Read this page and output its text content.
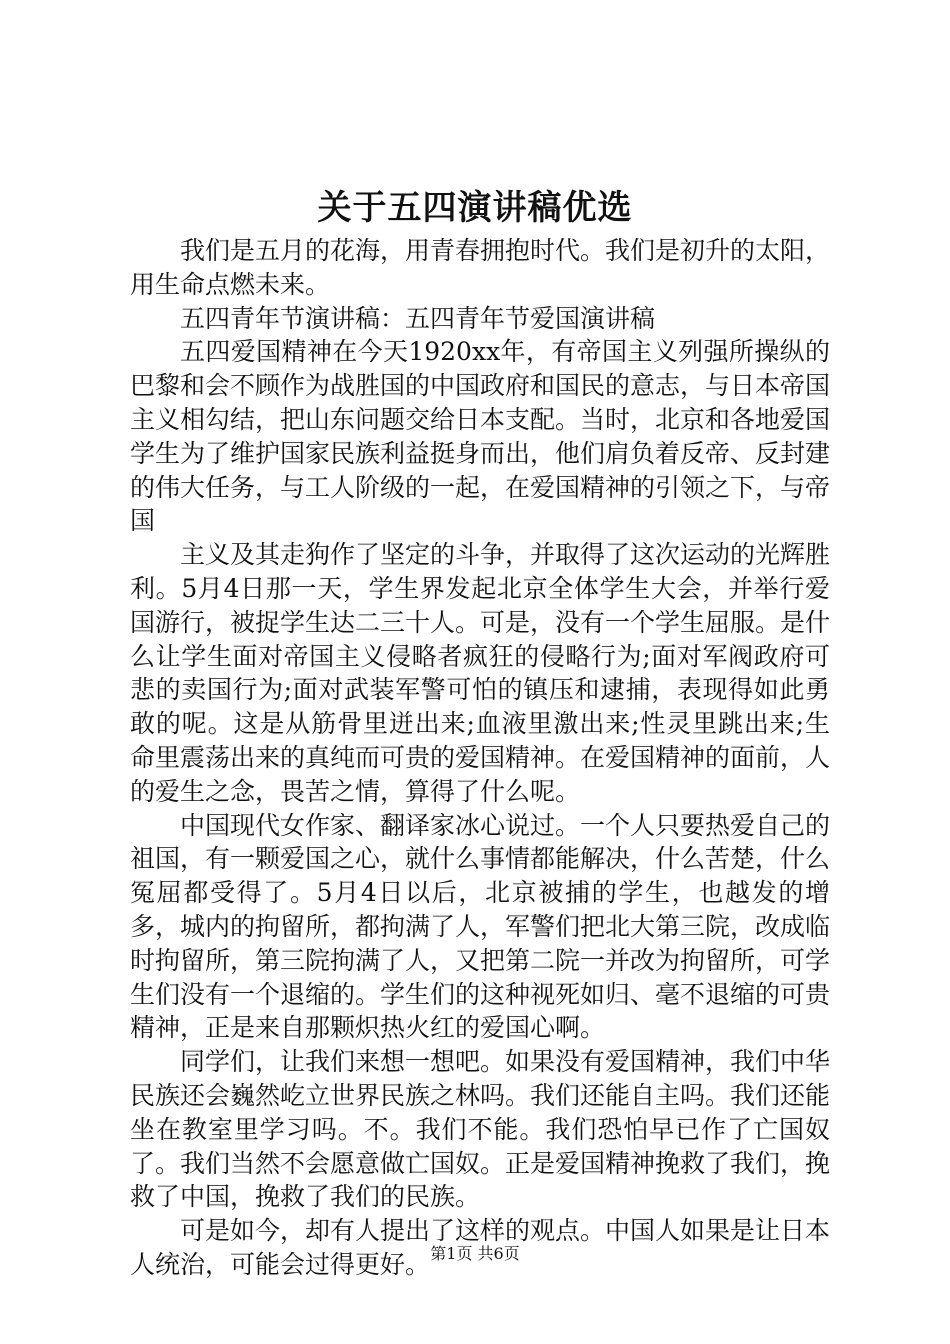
关于五四演讲稿优选

我们是五月的花海，用青春拥抱时代。我们是初升的太阳，用生命点燃未来。

五四青年节演讲稿：五四青年节爱国演讲稿

五四爱国精神在今天1920xx年，有帝国主义列强所操纵的巴黎和会不顾作为战胜国的中国政府和国民的意志，与日本帝国主义相勾结，把山东问题交给日本支配。当时，北京和各地爱国学生为了维护国家民族利益挺身而出，他们肩负着反帝、反封建的伟大任务，与工人阶级的一起，在爱国精神的引领之下，与帝国

主义及其走狗作了坚定的斗争，并取得了这次运动的光辉胜利。5月4日那一天，学生界发起北京全体学生大会，并举行爱国游行，被捉学生达二三十人。可是，没有一个学生屈服。是什么让学生面对帝国主义侵略者疯狂的侵略行为;面对军阀政府可悲的卖国行为;面对武装军警可怕的镇压和逮捕，表现得如此勇敢的呢。这是从筋骨里迸出来;血液里激出来;性灵里跳出来;生命里震荡出来的真纯而可贵的爱国精神。在爱国精神的面前，人的爱生之念，畏苦之情，算得了什么呢。

中国现代女作家、翻译家冰心说过。一个人只要热爱自己的祖国，有一颗爱国之心，就什么事情都能解决，什么苦楚，什么冤屈都受得了。5月4日以后，北京被捕的学生，也越发的增多，城内的拘留所，都拘满了人，军警们把北大第三院，改成临时拘留所，第三院拘满了人，又把第二院一并改为拘留所，可学生们没有一个退缩的。学生们的这种视死如归、毫不退缩的可贵精神，正是来自那颗炽热火红的爱国心啊。

同学们，让我们来想一想吧。如果没有爱国精神，我们中华民族还会巍然屹立世界民族之林吗。我们还能自主吗。我们还能坐在教室里学习吗。不。我们不能。我们恐怕早已作了亡国奴了。我们当然不会愿意做亡国奴。正是爱国精神挽救了我们，挽救了中国，挽救了我们的民族。

可是如今，却有人提出了这样的观点。中国人如果是让日本人统治，可能会过得更好。 第1页 共6页
